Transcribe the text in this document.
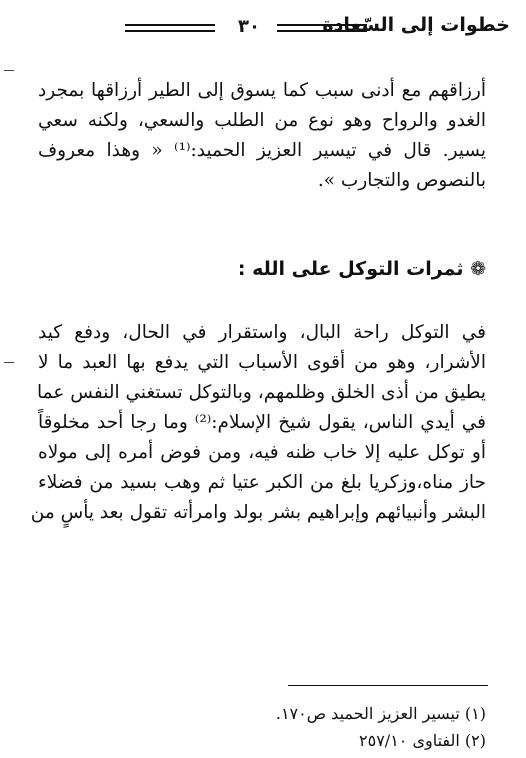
خطوات إلى السّعادة
٣٠

أرزاقهم مع أدنى سبب كما يسوق إلى الطير أرزاقها بمجرد
الغدو والرواح وهو نوع من الطلب والسعي، ولكنه سعي
يسير. قال في تيسير العزيز الحميد:⁽¹⁾ « وهذا معروف
بالنصوص والتجارب ».

❁ ثمرات التوكل على الله :

في التوكل راحة البال، واستقرار في الحال، ودفع كيد
الأشرار، وهو من أقوى الأسباب التي يدفع بها العبد ما لا
يطيق من أذى الخلق وظلمهم، وبالتوكل تستغني النفس عما
في أيدي الناس، يقول شيخ الإسلام:⁽²⁾ وما رجا أحد مخلوقاً
أو توكل عليه إلا خاب ظنه فيه، ومن فوض أمره إلى مولاه
حاز مناه،وزكريا بلغ من الكبر عتيا ثم وهب بسيد من فضلاء
البشر وأنبيائهم وإبراهيم بشر بولد وامرأته تقول بعد يأسٍ من

(١) تيسير العزيز الحميد ص١٧٠.
(٢) الفتاوى ٢٥٧/١٠
